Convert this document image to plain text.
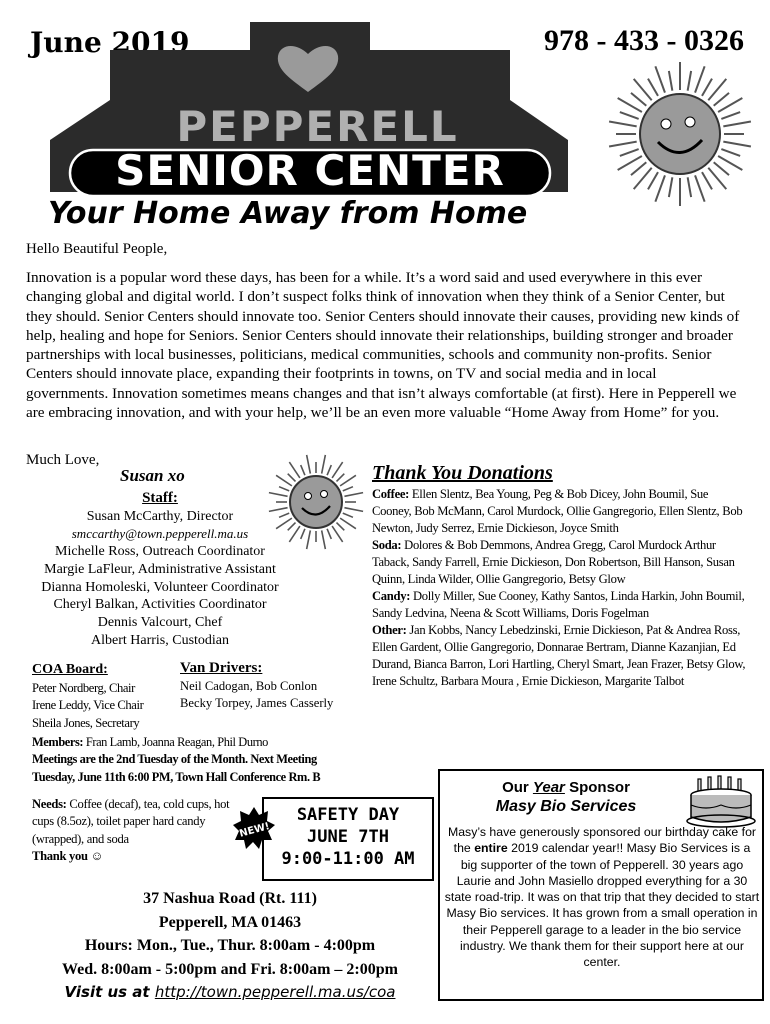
June 2019	978 - 433 - 0326
PEPPERELL
SENIOR CENTER
Your Home Away from Home
Hello Beautiful People,
Innovation is a popular word these days, has been for a while. It’s a word said and used everywhere in this ever changing global and digital world. I don’t suspect folks think of innovation when they think of a Senior Center, but they should. Senior Centers should innovate too. Senior Centers should innovate their causes, providing new kinds of help, healing and hope for Seniors. Senior Centers should innovate their relationships, building stronger and broader partnerships with local businesses, politicians, medical communities, schools and community non-profits. Senior Centers should innovate place, expanding their footprints in towns, on TV and social media and in local governments. Innovation sometimes means changes and that isn’t always comfortable (at first). Here in Pepperell we are embracing innovation, and with your help, we’ll be an even more valuable “Home Away from Home” for you.
Much Love,
Susan xo
Staff:
Susan McCarthy, Director
smccarthy@town.pepperell.ma.us
Michelle Ross, Outreach Coordinator
Margie LaFleur, Administrative Assistant
Dianna Homoleski, Volunteer Coordinator
Cheryl Balkan, Activities Coordinator
Dennis Valcourt, Chef
Albert Harris, Custodian
Thank You Donations
Coffee: Ellen Slentz, Bea Young, Peg & Bob Dicey, John Boumil, Sue Cooney, Bob McMann, Carol Murdock, Ollie Gangregorio, Ellen Slentz, Bob Newton, Judy Serrez, Ernie Dickieson, Joyce Smith
Soda: Dolores & Bob Demmons, Andrea Gregg, Carol Murdock Arthur Taback, Sandy Farrell, Ernie Dickieson, Don Robertson, Bill Hanson, Susan Quinn, Linda Wilder, Ollie Gangregorio, Betsy Glow
Candy: Dolly Miller, Sue Cooney, Kathy Santos, Linda Harkin, John Boumil, Sandy Ledvina, Neena & Scott Williams, Doris Fogelman
Other: Jan Kobbs, Nancy Lebedzinski, Ernie Dickieson, Pat & Andrea Ross, Ellen Gardent, Ollie Gangregorio, Donnarae Bertram, Dianne Kazanjian, Ed Durand, Bianca Barron, Lori Hartling, Cheryl Smart, Jean Frazer, Betsy Glow, Irene Schultz, Barbara Moura , Ernie Dickieson, Margarite Talbot
COA Board:
Peter Nordberg, Chair
Irene Leddy, Vice Chair
Sheila Jones, Secretary
Van Drivers:
Neil Cadogan, Bob Conlon
Becky Torpey, James Casserly
Members: Fran Lamb, Joanna Reagan, Phil Durno
Meetings are the 2nd Tuesday of the Month. Next Meeting
Tuesday, June 11th 6:00 PM, Town Hall Conference Rm. B
Needs: Coffee (decaf), tea, cold cups, hot cups (8.5oz), toilet paper hard candy (wrapped), and soda
Thank you ☺
SAFETY DAY
JUNE 7TH
9:00-11:00 AM
NEW!
37 Nashua Road (Rt. 111)
Pepperell, MA 01463
Hours: Mon., Tue., Thur. 8:00am - 4:00pm
Wed. 8:00am - 5:00pm and Fri. 8:00am – 2:00pm
Visit us at http://town.pepperell.ma.us/coa
Our Year Sponsor
Masy Bio Services
Masy’s have generously sponsored our birthday cake for the entire 2019 calendar year!! Masy Bio Services is a big supporter of the town of Pepperell. 30 years ago Laurie and John Masiello dropped everything for a 30 state road-trip. It was on that trip that they decided to start Masy Bio services. It has grown from a small operation in their Pepperell garage to a leader in the bio service industry. We thank them for their support here at our center.
